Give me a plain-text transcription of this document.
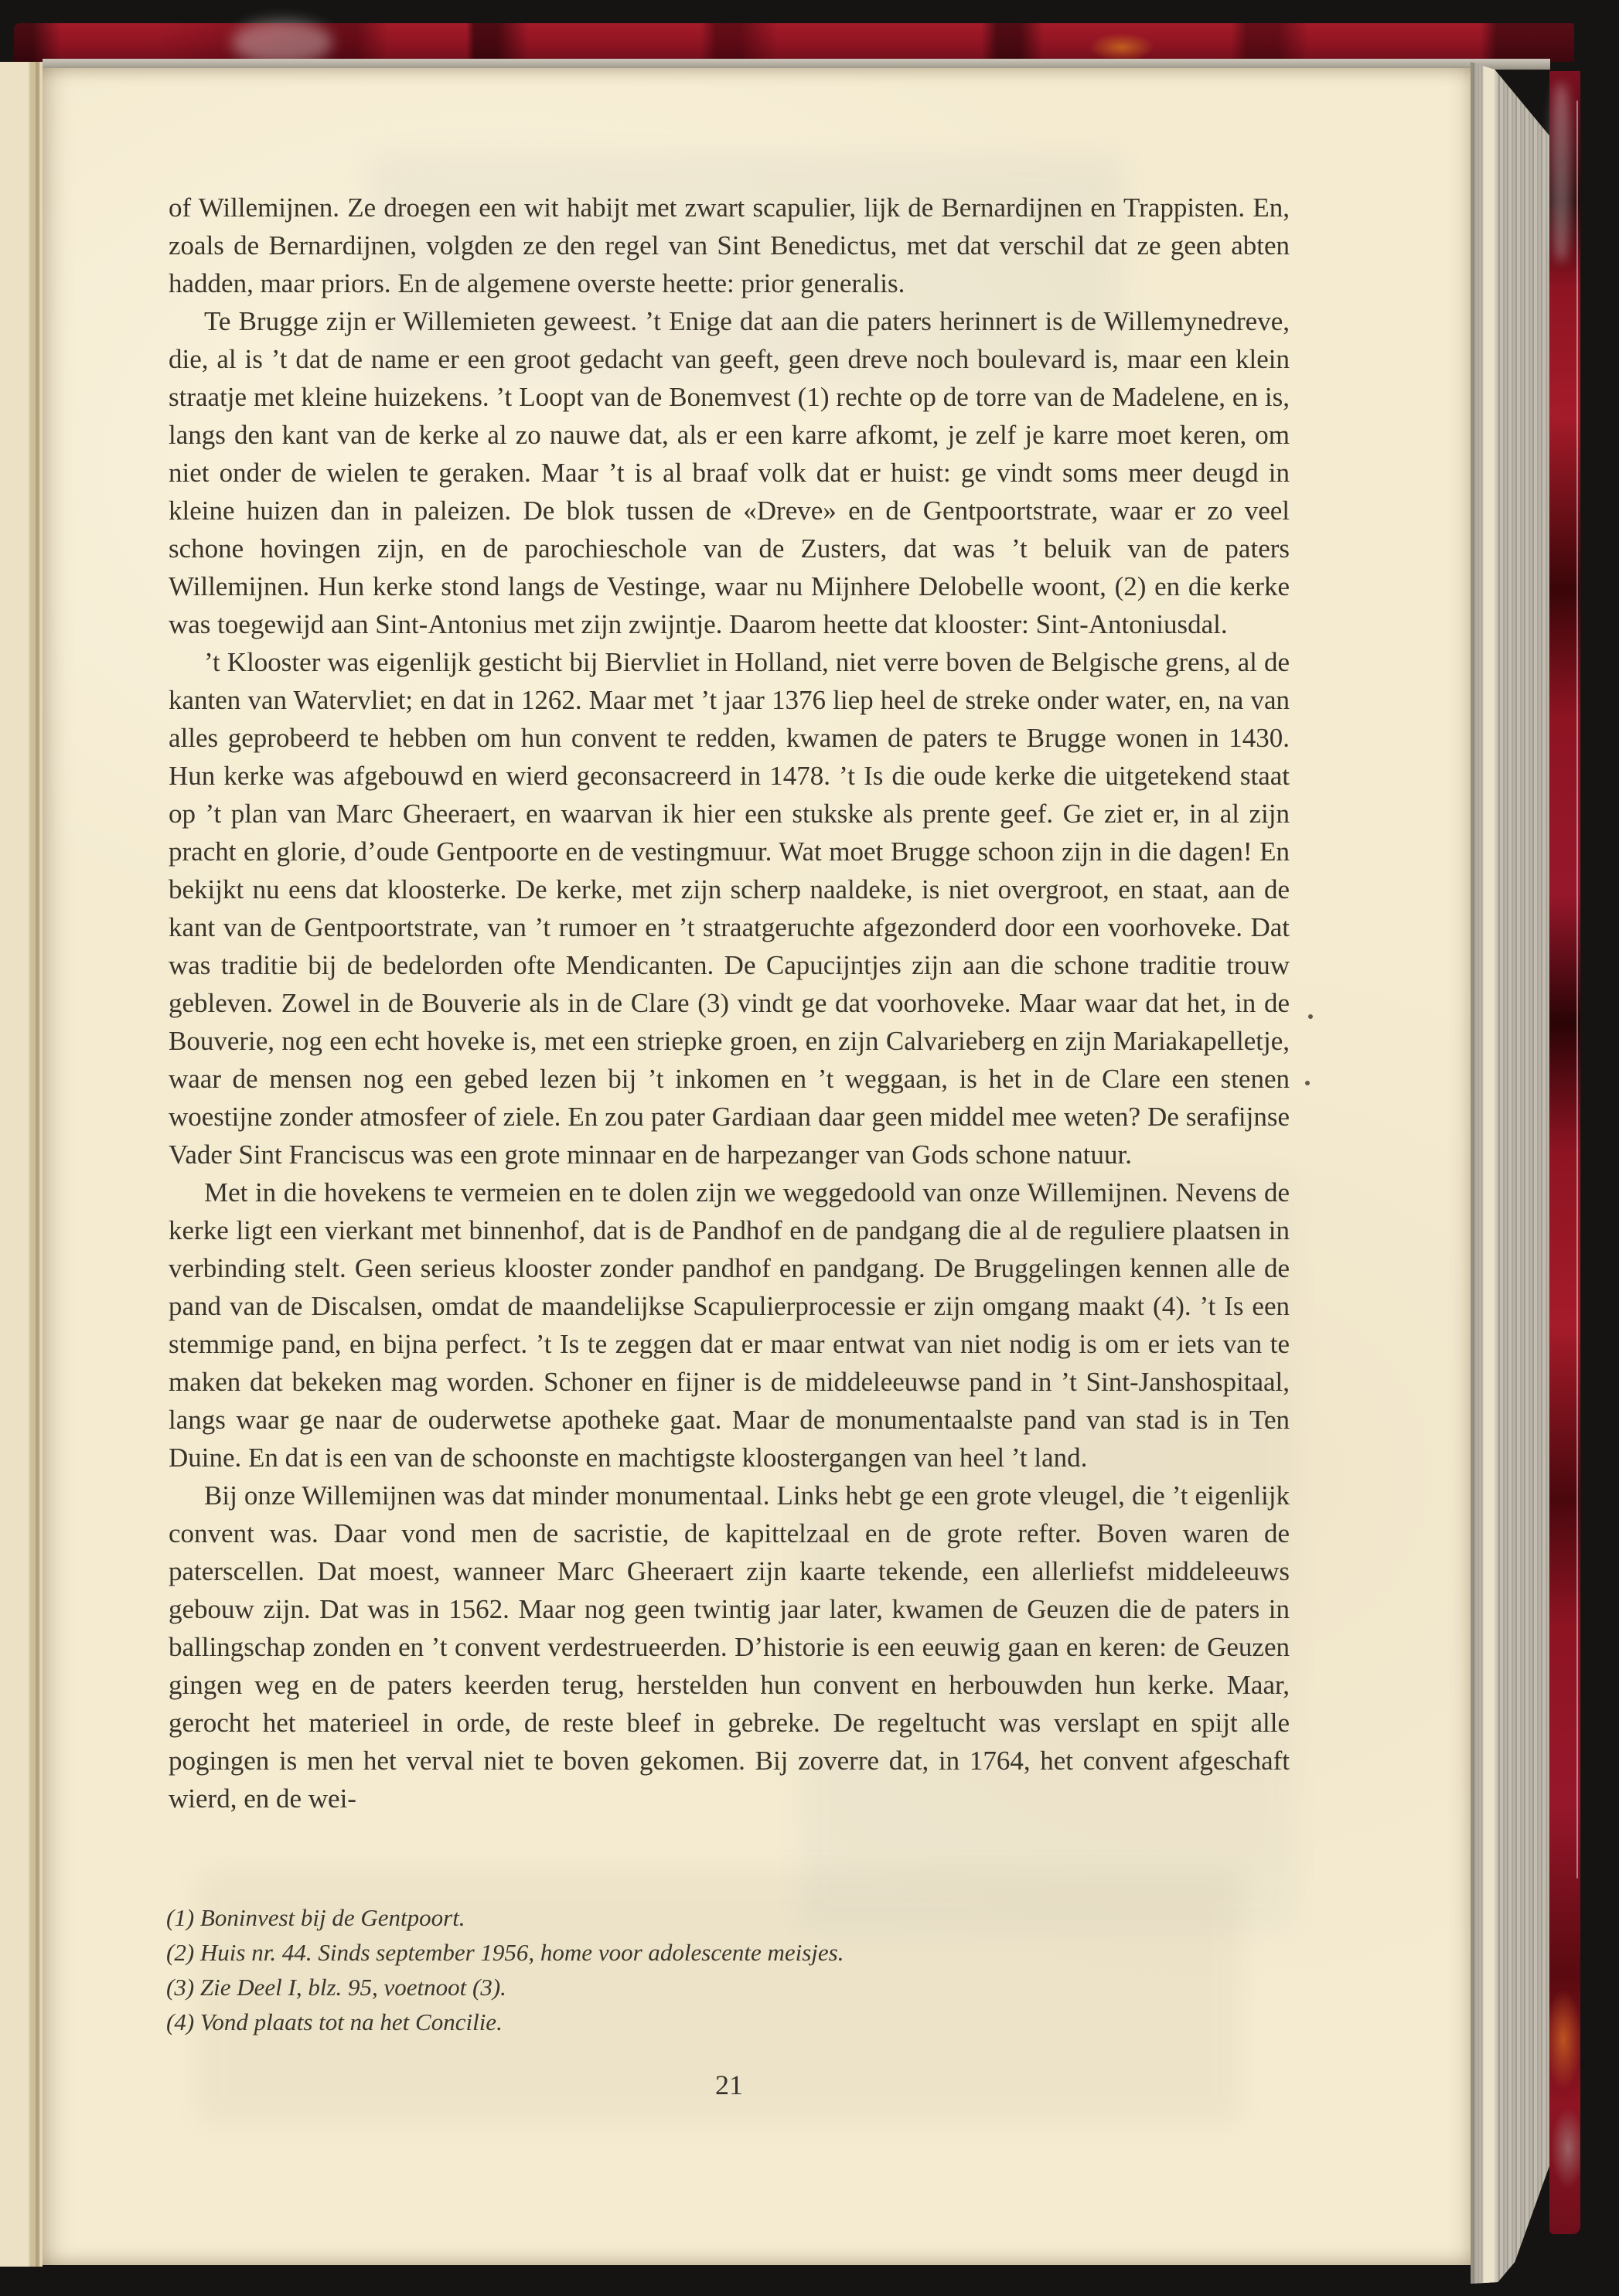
of Willemijnen. Ze droegen een wit habijt met zwart scapulier, lijk de Bernardijnen en Trappisten. En, zoals de Bernardijnen, volgden ze den regel van Sint Benedictus, met dat verschil dat ze geen abten hadden, maar priors. En de algemene overste heette: prior generalis.

Te Brugge zijn er Willemieten geweest. ’t Enige dat aan die paters herinnert is de Willemynedreve, die, al is ’t dat de name er een groot gedacht van geeft, geen dreve noch boulevard is, maar een klein straatje met kleine huizekens. ’t Loopt van de Bonemvest (1) rechte op de torre van de Madelene, en is, langs den kant van de kerke al zo nauwe dat, als er een karre afkomt, je zelf je karre moet keren, om niet onder de wielen te geraken. Maar ’t is al braaf volk dat er huist: ge vindt soms meer deugd in kleine huizen dan in paleizen. De blok tussen de «Dreve» en de Gentpoortstrate, waar er zo veel schone hovingen zijn, en de parochieschole van de Zusters, dat was ’t beluik van de paters Willemijnen. Hun kerke stond langs de Vestinge, waar nu Mijnhere Delobelle woont, (2) en die kerke was toegewijd aan Sint-Antonius met zijn zwijntje. Daarom heette dat klooster: Sint-Antoniusdal.

’t Klooster was eigenlijk gesticht bij Biervliet in Holland, niet verre boven de Belgische grens, al de kanten van Watervliet; en dat in 1262. Maar met ’t jaar 1376 liep heel de streke onder water, en, na van alles geprobeerd te hebben om hun convent te redden, kwamen de paters te Brugge wonen in 1430. Hun kerke was afgebouwd en wierd geconsacreerd in 1478. ’t Is die oude kerke die uitgetekend staat op ’t plan van Marc Gheeraert, en waarvan ik hier een stukske als prente geef. Ge ziet er, in al zijn pracht en glorie, d’oude Gentpoorte en de vestingmuur. Wat moet Brugge schoon zijn in die dagen! En bekijkt nu eens dat kloosterke. De kerke, met zijn scherp naaldeke, is niet overgroot, en staat, aan de kant van de Gentpoortstrate, van ’t rumoer en ’t straatgeruchte afgezonderd door een voorhoveke. Dat was traditie bij de bedelorden ofte Mendicanten. De Capucijntjes zijn aan die schone traditie trouw gebleven. Zowel in de Bouverie als in de Clare (3) vindt ge dat voorhoveke. Maar waar dat het, in de Bouverie, nog een echt hoveke is, met een striepke groen, en zijn Calvarieberg en zijn Mariakapelletje, waar de mensen nog een gebed lezen bij ’t inkomen en ’t weggaan, is het in de Clare een stenen woestijne zonder atmosfeer of ziele. En zou pater Gardiaan daar geen middel mee weten? De serafijnse Vader Sint Franciscus was een grote minnaar en de harpezanger van Gods schone natuur.

Met in die hovekens te vermeien en te dolen zijn we weggedoold van onze Willemijnen. Nevens de kerke ligt een vierkant met binnenhof, dat is de Pandhof en de pandgang die al de reguliere plaatsen in verbinding stelt. Geen serieus klooster zonder pandhof en pandgang. De Bruggelingen kennen alle de pand van de Discalsen, omdat de maandelijkse Scapulierprocessie er zijn omgang maakt (4). ’t Is een stemmige pand, en bijna perfect. ’t Is te zeggen dat er maar entwat van niet nodig is om er iets van te maken dat bekeken mag worden. Schoner en fijner is de middeleeuwse pand in ’t Sint-Janshospitaal, langs waar ge naar de ouderwetse apotheke gaat. Maar de monumentaalste pand van stad is in Ten Duine. En dat is een van de schoonste en machtigste kloostergangen van heel ’t land.

Bij onze Willemijnen was dat minder monumentaal. Links hebt ge een grote vleugel, die ’t eigenlijk convent was. Daar vond men de sacristie, de kapittelzaal en de grote refter. Boven waren de paterscellen. Dat moest, wanneer Marc Gheeraert zijn kaarte tekende, een allerliefst middeleeuws gebouw zijn. Dat was in 1562. Maar nog geen twintig jaar later, kwamen de Geuzen die de paters in ballingschap zonden en ’t convent verdestrueerden. D’historie is een eeuwig gaan en keren: de Geuzen gingen weg en de paters keerden terug, herstelden hun convent en herbouwden hun kerke. Maar, gerocht het materieel in orde, de reste bleef in gebreke. De regeltucht was verslapt en spijt alle pogingen is men het verval niet te boven gekomen. Bij zoverre dat, in 1764, het convent afgeschaft wierd, en de wei-

(1) Boninvest bij de Gentpoort.

(2) Huis nr. 44. Sinds september 1956, home voor adolescente meisjes.

(3) Zie Deel I, blz. 95, voetnoot (3).

(4) Vond plaats tot na het Concilie.

21
